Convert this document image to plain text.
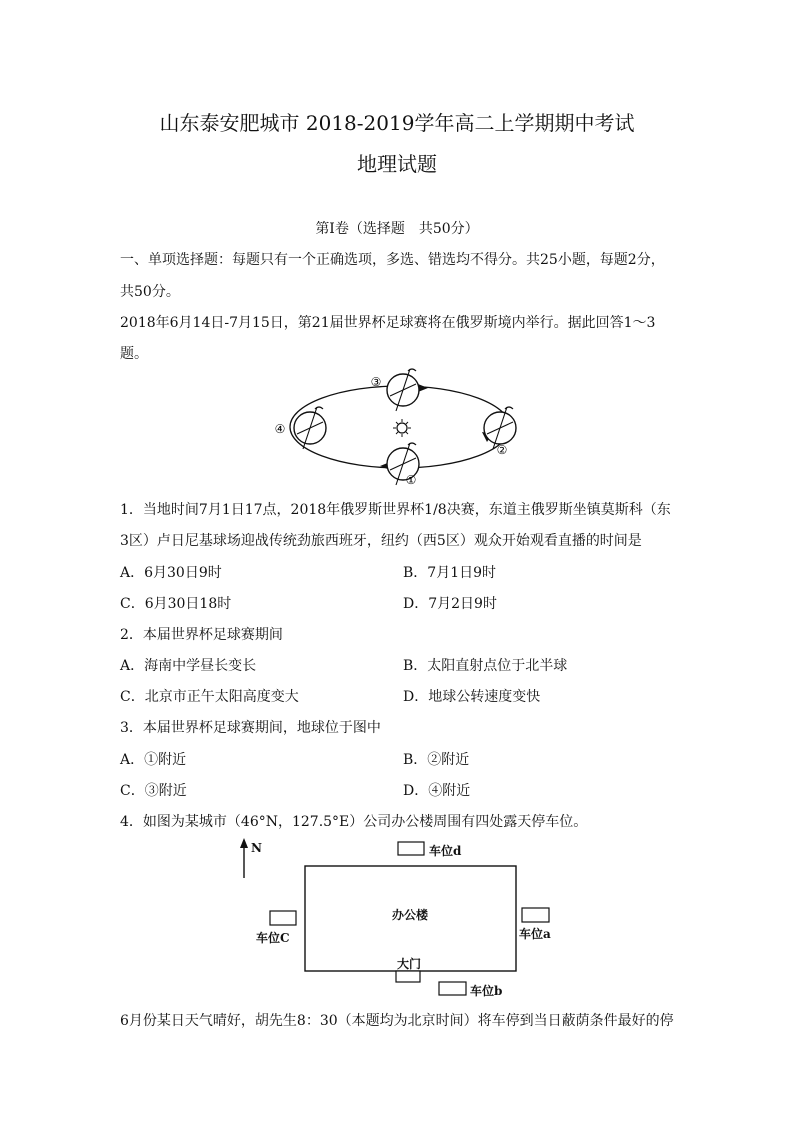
山东泰安肥城市 2018-2019学年高二上学期期中考试
地理试题
第Ⅰ卷（选择题　共50分）
一、单项选择题：每题只有一个正确选项，多选、错选均不得分。共25小题，每题2分，
共50分。
2018年6月14日-7月15日，第21届世界杯足球赛将在俄罗斯境内举行。据此回答1～3
题。
③
②
①
④
1．当地时间7月1日17点，2018年俄罗斯世界杯1/8决赛，东道主俄罗斯坐镇莫斯科（东
3区）卢日尼基球场迎战传统劲旅西班牙，纽约（西5区）观众开始观看直播的时间是
A．6月30日9时	B．7月1日9时
C．6月30日18时	D．7月2日9时
2．本届世界杯足球赛期间
A．海南中学昼长变长	B．太阳直射点位于北半球
C．北京市正午太阳高度变大	D．地球公转速度变快
3．本届世界杯足球赛期间，地球位于图中
A．①附近	B．②附近
C．③附近	D．④附近
4．如图为某城市（46°N，127.5°E）公司办公楼周围有四处露天停车位。
N	车位d
办公楼
车位a
车位C
大门
车位b
6月份某日天气晴好，胡先生8：30（本题均为北京时间）将车停到当日蔽荫条件最好的停
